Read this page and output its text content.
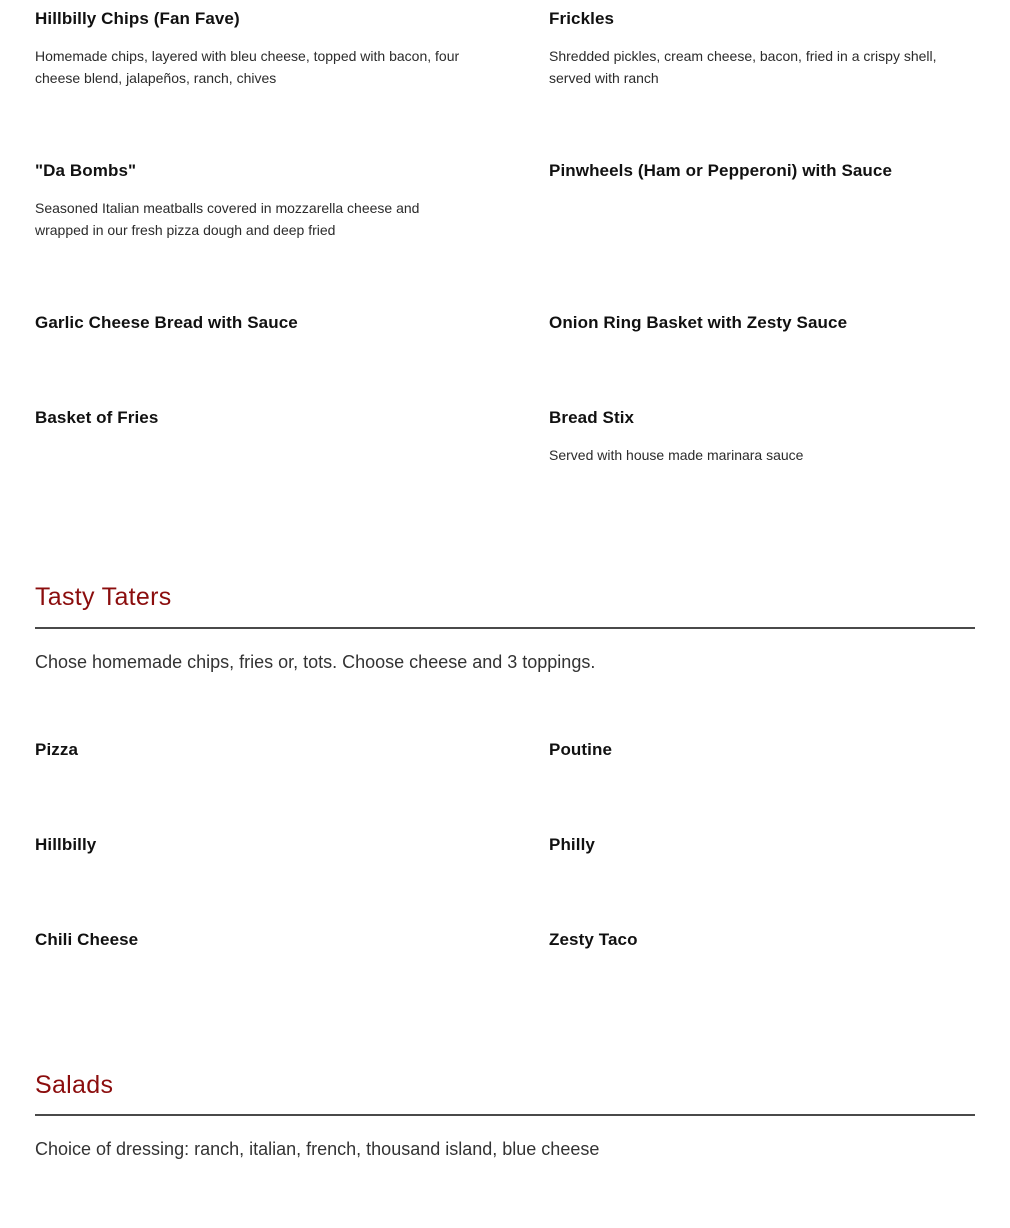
Hillbilly Chips (Fan Fave)

Homemade chips, layered with bleu cheese, topped with bacon, four cheese blend, jalapeños, ranch, chives

Frickles

Shredded pickles, cream cheese, bacon, fried in a crispy shell, served with ranch

"Da Bombs"

Seasoned Italian meatballs covered in mozzarella cheese and wrapped in our fresh pizza dough and deep fried

Pinwheels (Ham or Pepperoni) with Sauce

Garlic Cheese Bread with Sauce	Onion Ring Basket with Zesty Sauce

Basket of Fries	Bread Stix

Served with house made marinara sauce

Tasty Taters

Chose homemade chips, fries or, tots. Choose cheese and 3 toppings.

Pizza	Poutine

Hillbilly	Philly

Chili Cheese	Zesty Taco

Salads

Choice of dressing: ranch, italian, french, thousand island, blue cheese
